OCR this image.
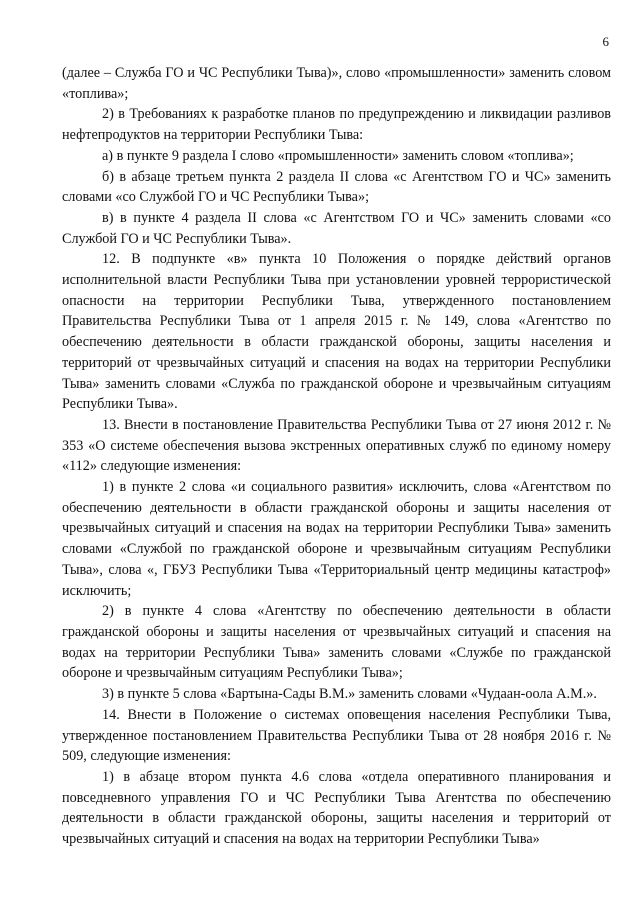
6

(далее – Служба ГО и ЧС Республики Тыва)», слово «промышленности» заменить словом «топлива»;

2) в Требованиях к разработке планов по предупреждению и ликвидации разливов нефтепродуктов на территории Республики Тыва:

а) в пункте 9 раздела I слово «промышленности» заменить словом «топлива»;

б) в абзаце третьем пункта 2 раздела II слова «с Агентством ГО и ЧС» заменить словами «со Службой ГО и ЧС Республики Тыва»;

в) в пункте 4 раздела II слова «с Агентством ГО и ЧС» заменить словами «со Службой ГО и ЧС Республики Тыва».

12. В подпункте «в» пункта 10 Положения о порядке действий органов исполнительной власти Республики Тыва при установлении уровней террористической опасности на территории Республики Тыва, утвержденного постановлением Правительства Республики Тыва от 1 апреля 2015 г. № 149, слова «Агентство по обеспечению деятельности в области гражданской обороны, защиты населения и территорий от чрезвычайных ситуаций и спасения на водах на территории Республики Тыва» заменить словами «Служба по гражданской обороне и чрезвычайным ситуациям Республики Тыва».

13. Внести в постановление Правительства Республики Тыва от 27 июня 2012 г. № 353 «О системе обеспечения вызова экстренных оперативных служб по единому номеру «112» следующие изменения:

1) в пункте 2 слова «и социального развития» исключить, слова «Агентством по обеспечению деятельности в области гражданской обороны и защиты населения от чрезвычайных ситуаций и спасения на водах на территории Республики Тыва» заменить словами «Службой по гражданской обороне и чрезвычайным ситуациям Республики Тыва», слова «, ГБУЗ Республики Тыва «Территориальный центр медицины катастроф» исключить;

2) в пункте 4 слова «Агентству по обеспечению деятельности в области гражданской обороны и защиты населения от чрезвычайных ситуаций и спасения на водах на территории Республики Тыва» заменить словами «Службе по гражданской обороне и чрезвычайным ситуациям Республики Тыва»;

3) в пункте 5 слова «Бартына-Сады В.М.» заменить словами «Чудаан-оола А.М.».

14. Внести в Положение о системах оповещения населения Республики Тыва, утвержденное постановлением Правительства Республики Тыва от 28 ноября 2016 г. № 509, следующие изменения:

1) в абзаце втором пункта 4.6 слова «отдела оперативного планирования и повседневного управления ГО и ЧС Республики Тыва Агентства по обеспечению деятельности в области гражданской обороны, защиты населения и территорий от чрезвычайных ситуаций и спасения на водах на территории Республики Тыва»
